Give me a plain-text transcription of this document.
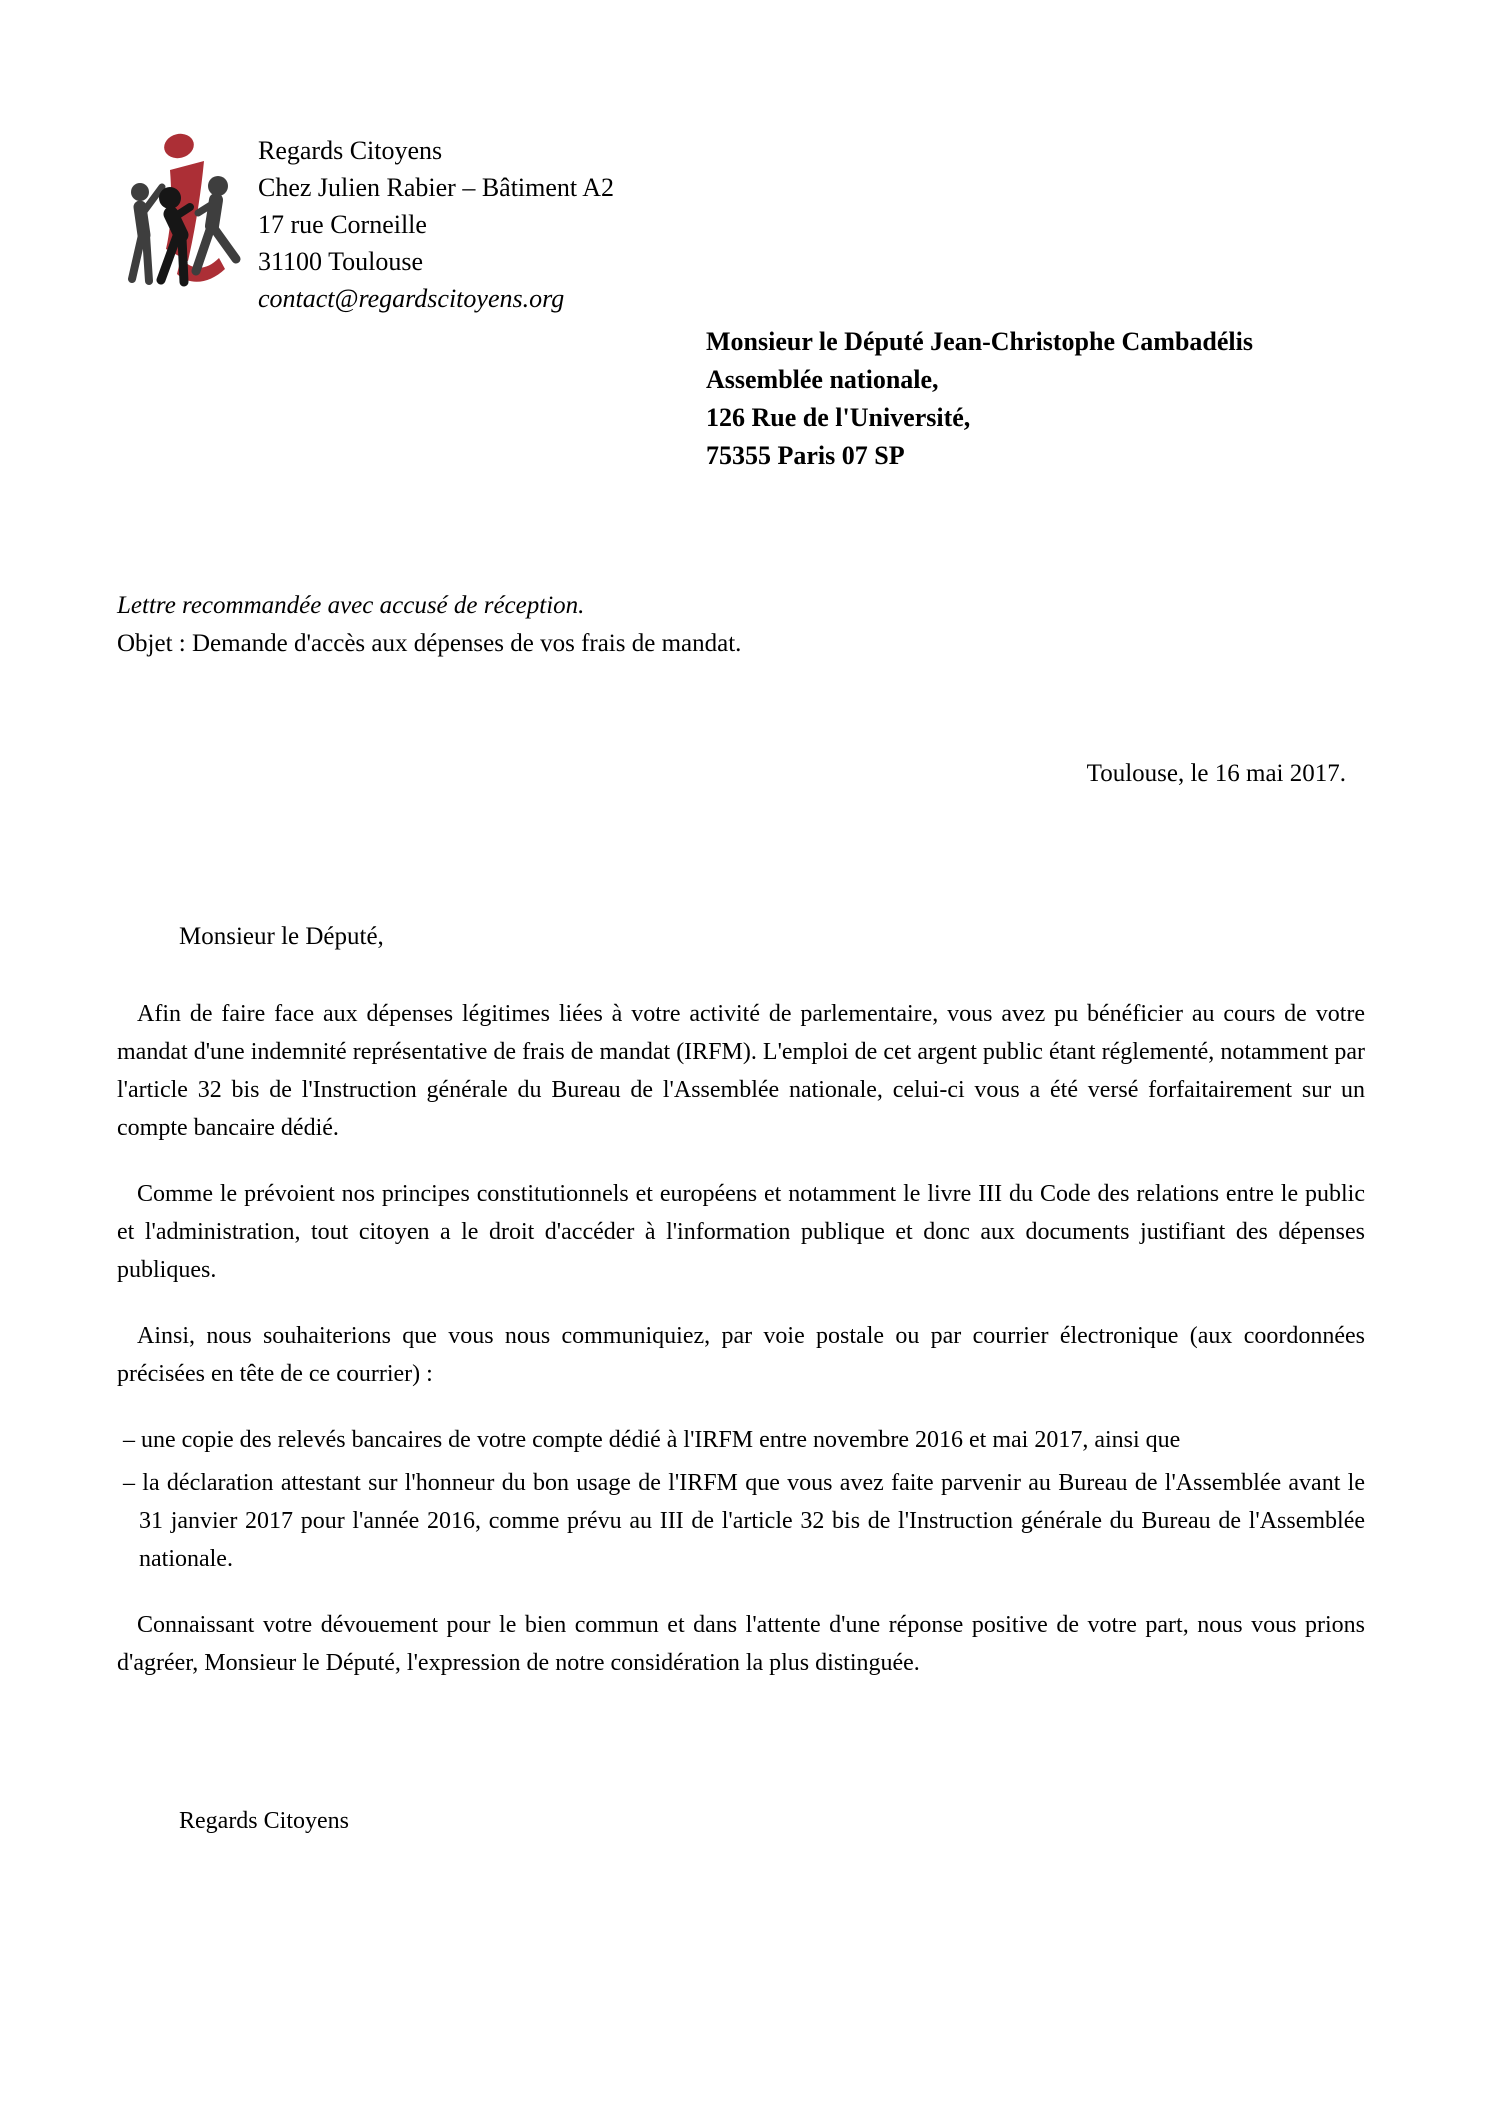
Regards Citoyens
Chez Julien Rabier – Bâtiment A2
17 rue Corneille
31100 Toulouse
contact@regardscitoyens.org
Monsieur le Député Jean-Christophe Cambadélis
Assemblée nationale,
126 Rue de l'Université,
75355 Paris 07 SP
Lettre recommandée avec accusé de réception.
Objet : Demande d'accès aux dépenses de vos frais de mandat.
Toulouse, le 16 mai 2017.
Monsieur le Député,

Afin de faire face aux dépenses légitimes liées à votre activité de parlementaire, vous avez pu bénéficier au cours de votre mandat d'une indemnité représentative de frais de mandat (IRFM). L'emploi de cet argent public étant réglementé, notamment par l'article 32 bis de l'Instruction générale du Bureau de l'Assemblée nationale, celui-ci vous a été versé forfaitairement sur un compte bancaire dédié.

Comme le prévoient nos principes constitutionnels et européens et notamment le livre III du Code des relations entre le public et l'administration, tout citoyen a le droit d'accéder à l'information publique et donc aux documents justifiant des dépenses publiques.

Ainsi, nous souhaiterions que vous nous communiquiez, par voie postale ou par courrier électronique (aux coordonnées précisées en tête de ce courrier) :

– une copie des relevés bancaires de votre compte dédié à l'IRFM entre novembre 2016 et mai 2017, ainsi que
– la déclaration attestant sur l'honneur du bon usage de l'IRFM que vous avez faite parvenir au Bureau de l'Assemblée avant le 31 janvier 2017 pour l'année 2016, comme prévu au III de l'article 32 bis de l'Instruction générale du Bureau de l'Assemblée nationale.

Connaissant votre dévouement pour le bien commun et dans l'attente d'une réponse positive de votre part, nous vous prions d'agréer, Monsieur le Député, l'expression de notre considération la plus distinguée.

Regards Citoyens
